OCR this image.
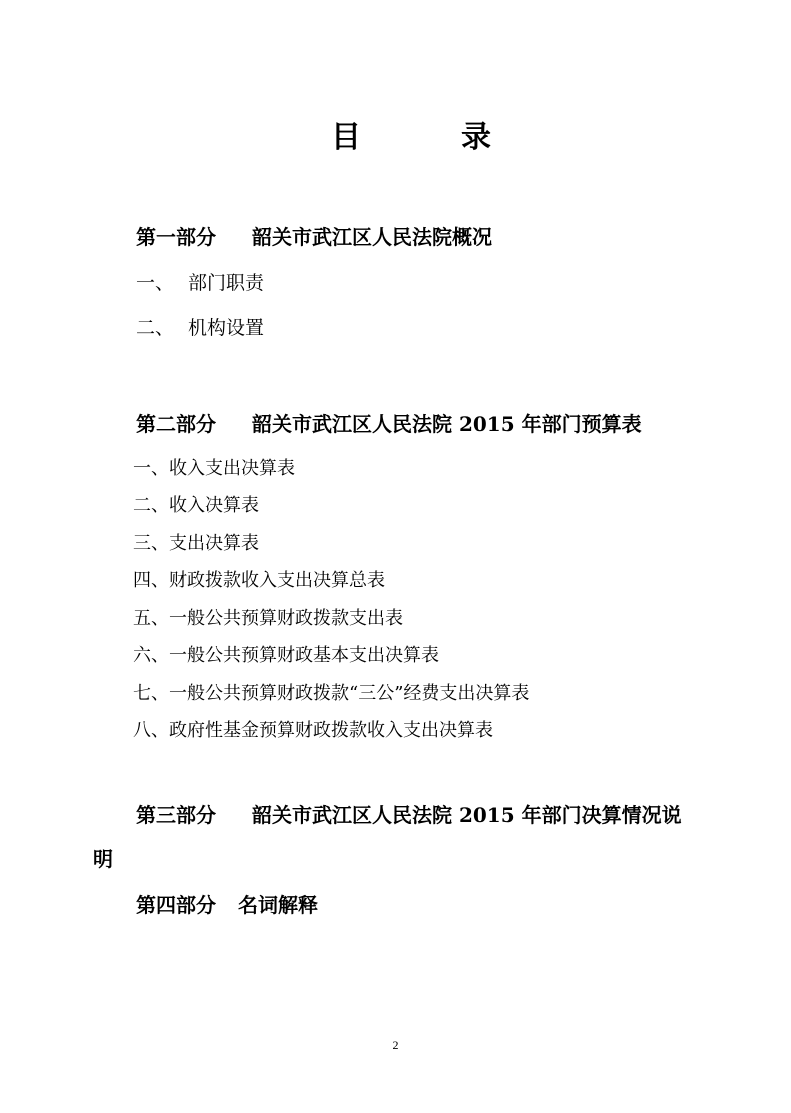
目	录
第一部分 韶关市武江区人民法院概况
一、 部门职责
二、 机构设置
第二部分 韶关市武江区人民法院 2015 年部门预算表
一、收入支出决算表
二、收入决算表
三、支出决算表
四、财政拨款收入支出决算总表
五、一般公共预算财政拨款支出表
六、一般公共预算财政基本支出决算表
七、一般公共预算财政拨款“三公”经费支出决算表
八、政府性基金预算财政拨款收入支出决算表
第三部分 韶关市武江区人民法院 2015 年部门决算情况说
明
第四部分 名词解释
2
